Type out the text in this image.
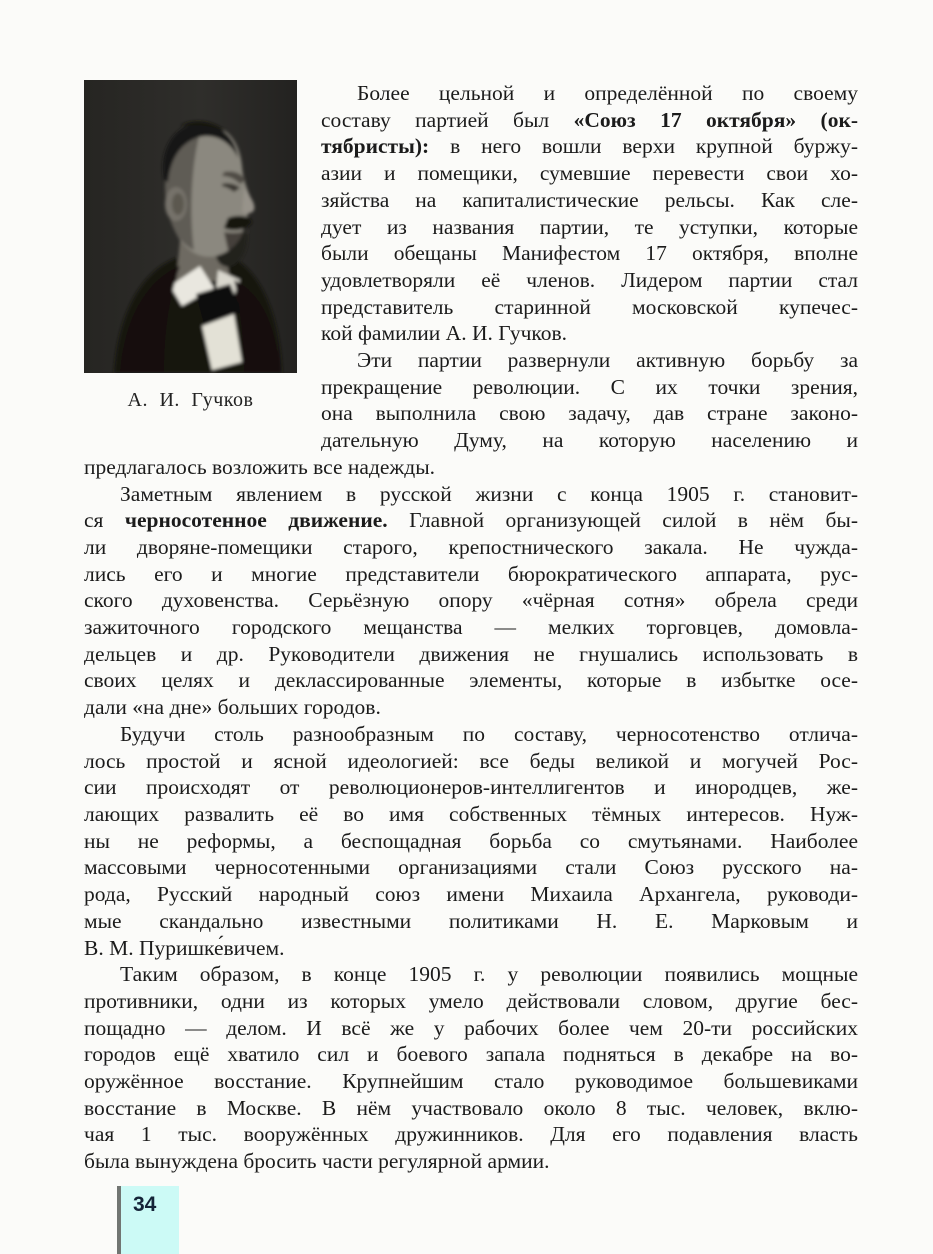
А. И. Гучков
Более цельной и определённой по своему
составу партией был «Союз 17 октября» (ок-
тябристы): в него вошли верхи крупной буржу-
азии и помещики, сумевшие перевести свои хо-
зяйства на капиталистические рельсы. Как сле-
дует из названия партии, те уступки, которые
были обещаны Манифестом 17 октября, вполне
удовлетворяли её членов. Лидером партии стал
представитель старинной московской купечес-
кой фамилии А. И. Гучков.
Эти партии развернули активную борьбу за
прекращение революции. С их точки зрения,
она выполнила свою задачу, дав стране законо-
дательную Думу, на которую населению и
предлагалось возложить все надежды.
Заметным явлением в русской жизни с конца 1905 г. становит-
ся черносотенное движение. Главной организующей силой в нём бы-
ли дворяне-помещики старого, крепостнического закала. Не чужда-
лись его и многие представители бюрократического аппарата, рус-
ского духовенства. Серьёзную опору «чёрная сотня» обрела среди
зажиточного городского мещанства — мелких торговцев, домовла-
дельцев и др. Руководители движения не гнушались использовать в
своих целях и деклассированные элементы, которые в избытке осе-
дали «на дне» больших городов.
Будучи столь разнообразным по составу, черносотенство отлича-
лось простой и ясной идеологией: все беды великой и могучей Рос-
сии происходят от революционеров-интеллигентов и инородцев, же-
лающих развалить её во имя собственных тёмных интересов. Нуж-
ны не реформы, а беспощадная борьба со смутьянами. Наиболее
массовыми черносотенными организациями стали Союз русского на-
рода, Русский народный союз имени Михаила Архангела, руководи-
мые скандально известными политиками Н. Е. Марковым и
В. М. Пуришке́вичем.
Таким образом, в конце 1905 г. у революции появились мощные
противники, одни из которых умело действовали словом, другие бес-
пощадно — делом. И всё же у рабочих более чем 20-ти российских
городов ещё хватило сил и боевого запала подняться в декабре на во-
оружённое восстание. Крупнейшим стало руководимое большевиками
восстание в Москве. В нём участвовало около 8 тыс. человек, вклю-
чая 1 тыс. вооружённых дружинников. Для его подавления власть
была вынуждена бросить части регулярной армии.
34
